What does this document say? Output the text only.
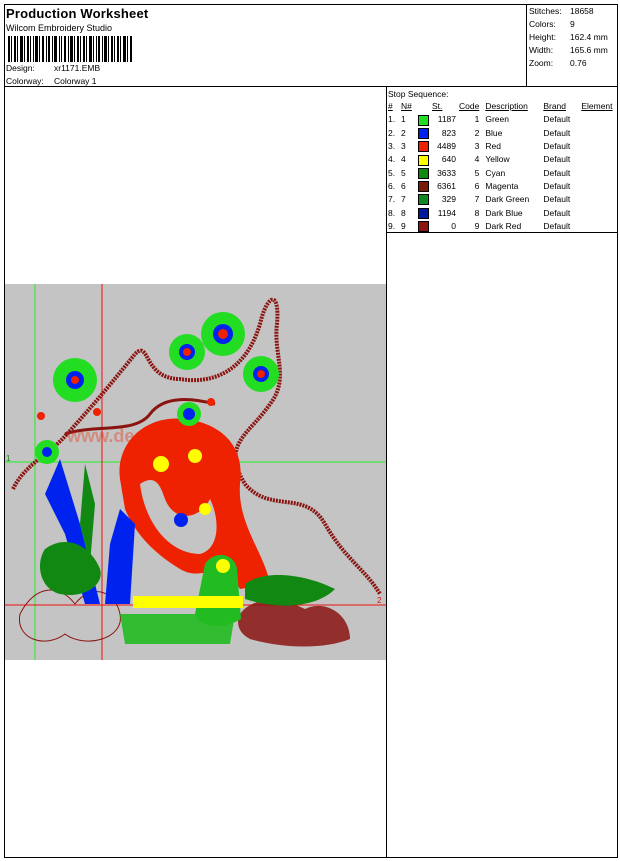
Production Worksheet
Wilcom Embroidery Studio
Design: xr1171.EMB
Colorway: Colorway 1
Stitches: 18658
Colors: 9
Height: 162.4 mm
Width: 165.6 mm
Zoom: 0.76
Stop Sequence:
#	N#		St.	Code	Description	Brand	Element
1.	1		1187	1	Green	Default	
2.	2		823	2	Blue	Default	
3.	3		4489	3	Red	Default	
4.	4		640	4	Yellow	Default	
5.	5		3633	5	Cyan	Default	
6.	6		6361	6	Magenta	Default	
7.	7		329	7	Dark Green	Default	
8.	8		1194	8	Dark Blue	Default	
9.	9		0	9	Dark Red	Default	
1
2
www.designs.com
